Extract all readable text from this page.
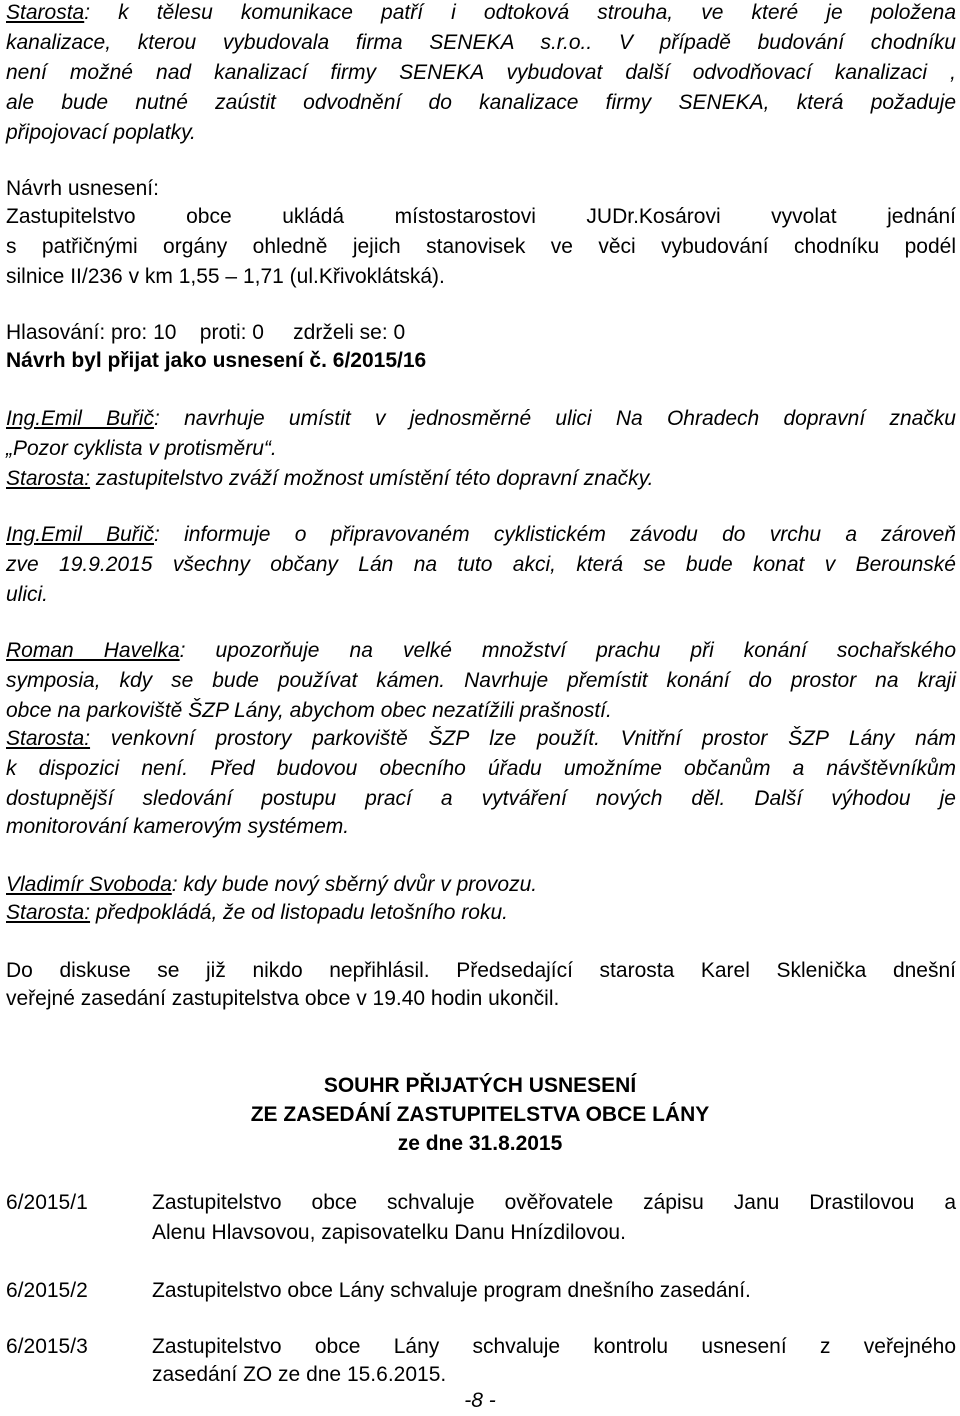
Starosta: k tělesu komunikace patří i odtoková strouha, ve které je položena
kanalizace, kterou vybudovala firma SENEKA s.r.o.. V případě budování chodníku
není možné nad kanalizací firmy SENEKA vybudovat další odvodňovací kanalizaci ,
ale bude nutné zaústit odvodnění do kanalizace firmy SENEKA, která požaduje
připojovací poplatky.
Návrh usnesení:
Zastupitelstvo obce ukládá místostarostovi JUDr.Kosárovi vyvolat jednání
s patřičnými orgány ohledně jejich stanovisek ve věci vybudování chodníku podél
silnice II/236 v km 1,55 – 1,71 (ul.Křivoklátská).
Hlasování: pro: 10    proti: 0     zdrželi se: 0
Návrh byl přijat jako usnesení č. 6/2015/16
Ing.Emil Buřič: navrhuje umístit v jednosměrné ulici Na Ohradech dopravní značku
„Pozor cyklista v protisměru“.
Starosta: zastupitelstvo zváží možnost umístění této dopravní značky.
Ing.Emil Buřič: informuje o připravovaném cyklistickém závodu do vrchu a zároveň
zve 19.9.2015 všechny občany Lán na tuto akci, která se bude konat v Berounské
ulici.
Roman Havelka: upozorňuje na velké množství prachu při konání sochařského
symposia, kdy se bude používat kámen. Navrhuje přemístit konání do prostor na kraji
obce na parkoviště ŠZP Lány, abychom obec nezatížili prašností.
Starosta: venkovní prostory parkoviště ŠZP lze použít. Vnitřní prostor ŠZP Lány nám
k dispozici není. Před budovou obecního úřadu umožníme občanům a návštěvníkům
dostupnější sledování postupu prací a vytváření nových děl. Další výhodou je
monitorování kamerovým systémem.
Vladimír Svoboda: kdy bude nový sběrný dvůr v provozu.
Starosta: předpokládá, že od listopadu letošního roku.
Do diskuse se již nikdo nepřihlásil. Předsedající starosta Karel Sklenička dnešní
veřejné zasedání zastupitelstva obce v 19.40 hodin ukončil.
SOUHR PŘIJATÝCH USNESENÍ
ZE ZASEDÁNÍ ZASTUPITELSTVA OBCE LÁNY
ze dne 31.8.2015
6/2015/1	Zastupitelstvo obce schvaluje ověřovatele zápisu Janu Drastilovou a
Alenu Hlavsovou, zapisovatelku Danu Hnízdilovou.
6/2015/2	Zastupitelstvo obce Lány schvaluje program dnešního zasedání.
6/2015/3	Zastupitelstvo obce Lány schvaluje kontrolu usnesení z veřejného
zasedání ZO ze dne 15.6.2015.
-8 -
